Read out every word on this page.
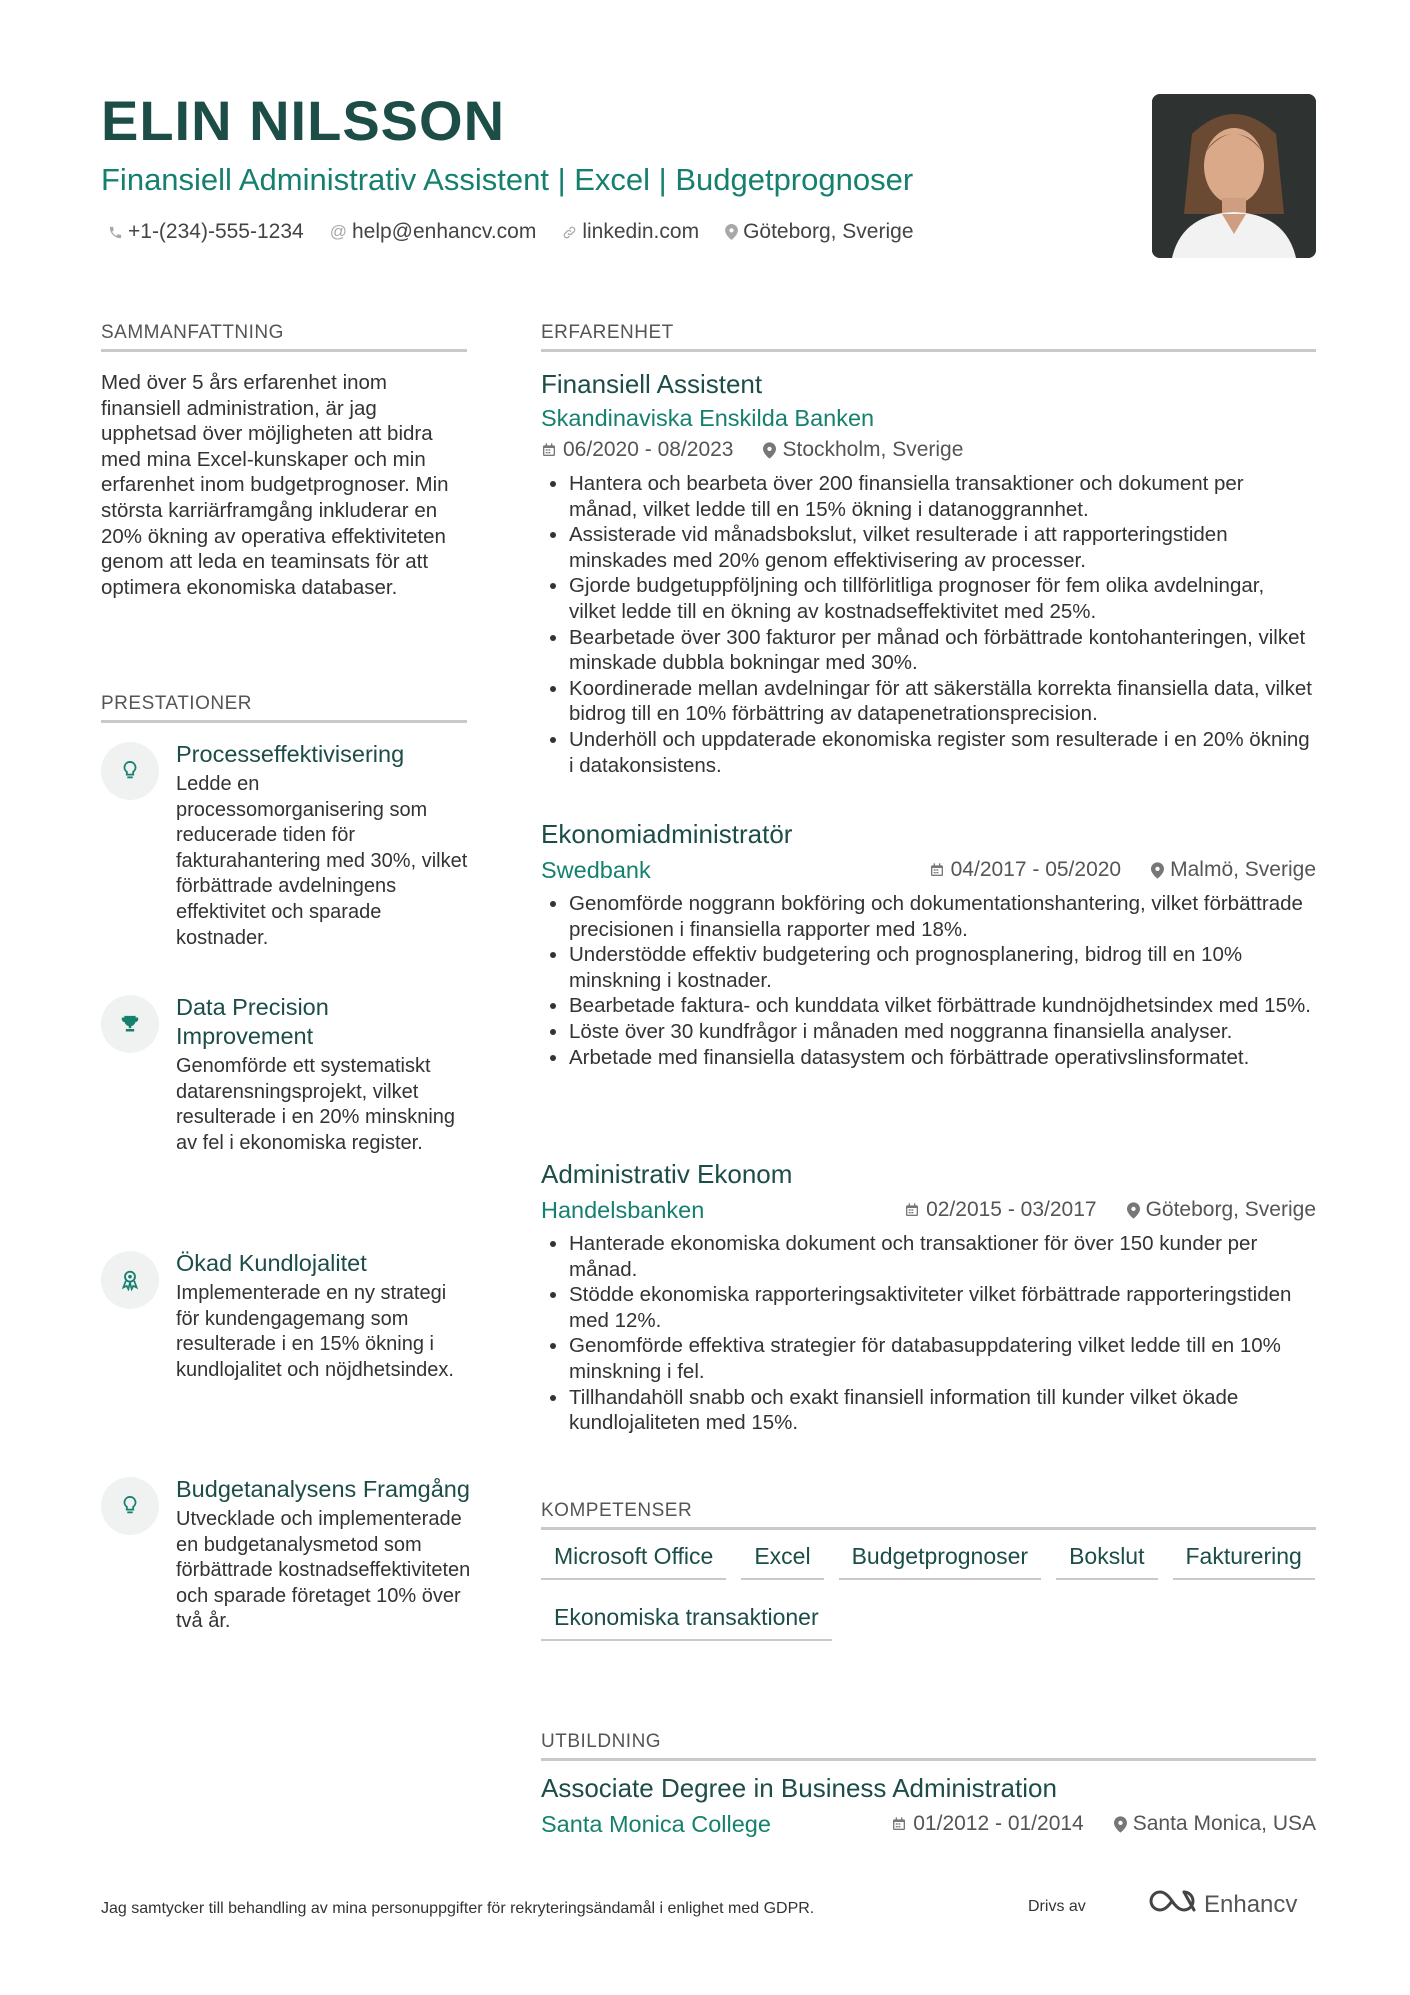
ELIN NILSSON
Finansiell Administrativ Assistent | Excel | Budgetprognoser
+1-(234)-555-1234 @ help@enhancv.com linkedin.com Göteborg, Sverige
SAMMANFATTNING
Med över 5 års erfarenhet inom finansiell administration, är jag upphetsad över möjligheten att bidra med mina Excel-kunskaper och min erfarenhet inom budgetprognoser. Min största karriärframgång inkluderar en 20% ökning av operativa effektiviteten genom att leda en teaminsats för att optimera ekonomiska databaser.
PRESTATIONER
Processeffektivisering
Ledde en processomorganisering som reducerade tiden för fakturahantering med 30%, vilket förbättrade avdelningens effektivitet och sparade kostnader.
Data Precision Improvement
Genomförde ett systematiskt datarensningsprojekt, vilket resulterade i en 20% minskning av fel i ekonomiska register.
Ökad Kundlojalitet
Implementerade en ny strategi för kundengagemang som resulterade i en 15% ökning i kundlojalitet och nöjdhetsindex.
Budgetanalysens Framgång
Utvecklade och implementerade en budgetanalysmetod som förbättrade kostnadseffektiviteten och sparade företaget 10% över två år.
ERFARENHET
Finansiell Assistent
Skandinaviska Enskilda Banken
06/2020 - 08/2023 Stockholm, Sverige
• Hantera och bearbeta över 200 finansiella transaktioner och dokument per månad, vilket ledde till en 15% ökning i datanoggrannhet.
• Assisterade vid månadsbokslut, vilket resulterade i att rapporteringstiden minskades med 20% genom effektivisering av processer.
• Gjorde budgetuppföljning och tillförlitliga prognoser för fem olika avdelningar, vilket ledde till en ökning av kostnadseffektivitet med 25%.
• Bearbetade över 300 fakturor per månad och förbättrade kontohanteringen, vilket minskade dubbla bokningar med 30%.
• Koordinerade mellan avdelningar för att säkerställa korrekta finansiella data, vilket bidrog till en 10% förbättring av datapenetrationsprecision.
• Underhöll och uppdaterade ekonomiska register som resulterade i en 20% ökning i datakonsistens.
Ekonomiadministratör
Swedbank	04/2017 - 05/2020 Malmö, Sverige
• Genomförde noggrann bokföring och dokumentationshantering, vilket förbättrade precisionen i finansiella rapporter med 18%.
• Understödde effektiv budgetering och prognosplanering, bidrog till en 10% minskning i kostnader.
• Bearbetade faktura- och kunddata vilket förbättrade kundnöjdhetsindex med 15%.
• Löste över 30 kundfrågor i månaden med noggranna finansiella analyser.
• Arbetade med finansiella datasystem och förbättrade operativslinsformatet.
Administrativ Ekonom
Handelsbanken	02/2015 - 03/2017 Göteborg, Sverige
• Hanterade ekonomiska dokument och transaktioner för över 150 kunder per månad.
• Stödde ekonomiska rapporteringsaktiviteter vilket förbättrade rapporteringstiden med 12%.
• Genomförde effektiva strategier för databasuppdatering vilket ledde till en 10% minskning i fel.
• Tillhandahöll snabb och exakt finansiell information till kunder vilket ökade kundlojaliteten med 15%.
KOMPETENSER
Microsoft Office	Excel	Budgetprognoser	Bokslut	Fakturering
Ekonomiska transaktioner
UTBILDNING
Associate Degree in Business Administration
Santa Monica College	01/2012 - 01/2014 Santa Monica, USA
Jag samtycker till behandling av mina personuppgifter för rekryteringsändamål i enlighet med GDPR.	Drivs av	Enhancv
